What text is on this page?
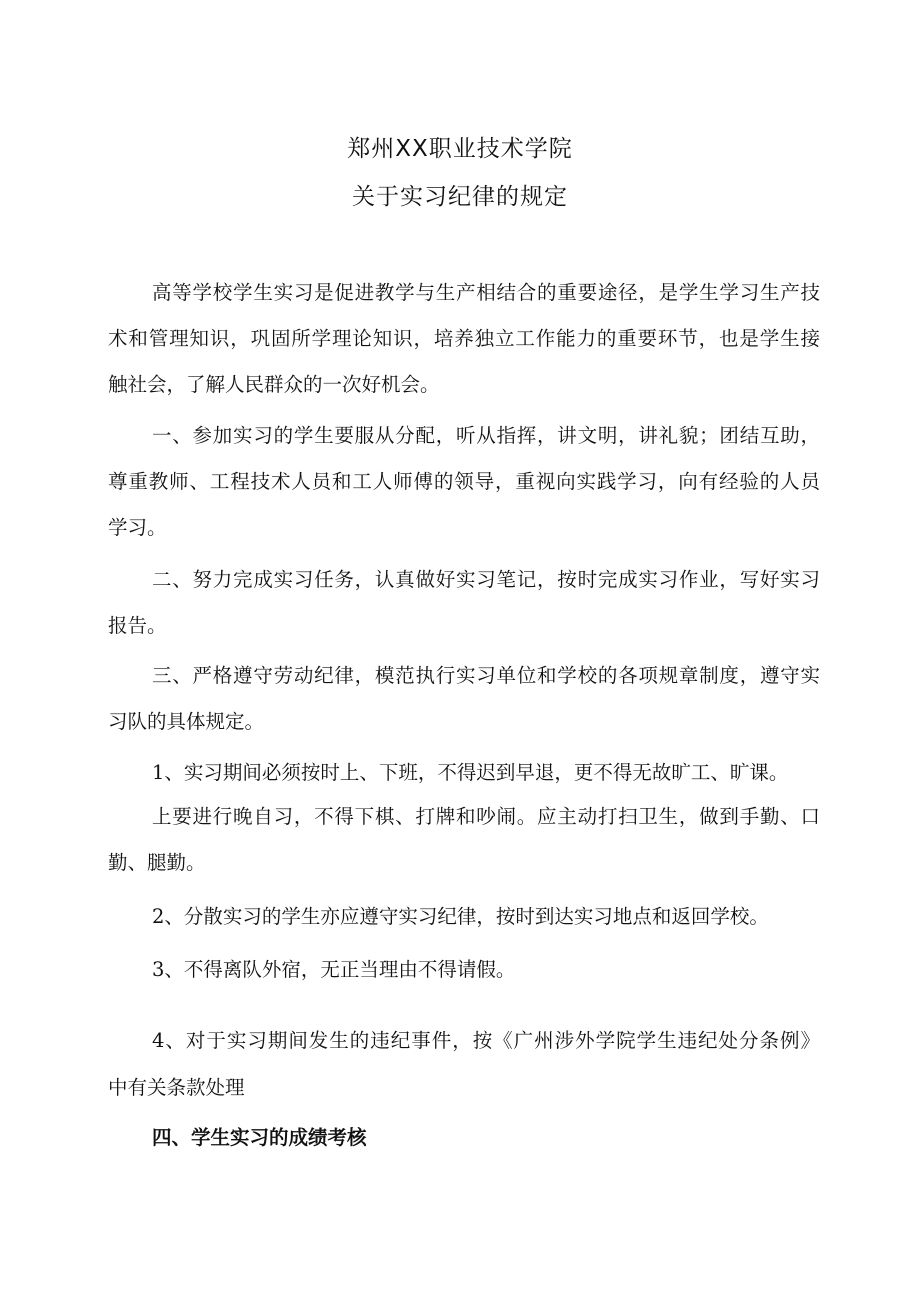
郑州XX职业技术学院
关于实习纪律的规定
高等学校学生实习是促进教学与生产相结合的重要途径，是学生学习生产技
术和管理知识，巩固所学理论知识，培养独立工作能力的重要环节，也是学生接
触社会，了解人民群众的一次好机会。
一、参加实习的学生要服从分配，听从指挥，讲文明，讲礼貌；团结互助，
尊重教师、工程技术人员和工人师傅的领导，重视向实践学习，向有经验的人员
学习。
二、努力完成实习任务，认真做好实习笔记，按时完成实习作业，写好实习
报告。
三、严格遵守劳动纪律，模范执行实习单位和学校的各项规章制度，遵守实
习队的具体规定。
1、实习期间必须按时上、下班，不得迟到早退，更不得无故旷工、旷课。
上要进行晚自习，不得下棋、打牌和吵闹。应主动打扫卫生，做到手勤、口
勤、腿勤。
2、分散实习的学生亦应遵守实习纪律，按时到达实习地点和返回学校。
3、不得离队外宿，无正当理由不得请假。
4、对于实习期间发生的违纪事件，按《广州涉外学院学生违纪处分条例》
中有关条款处理
四、学生实习的成绩考核
